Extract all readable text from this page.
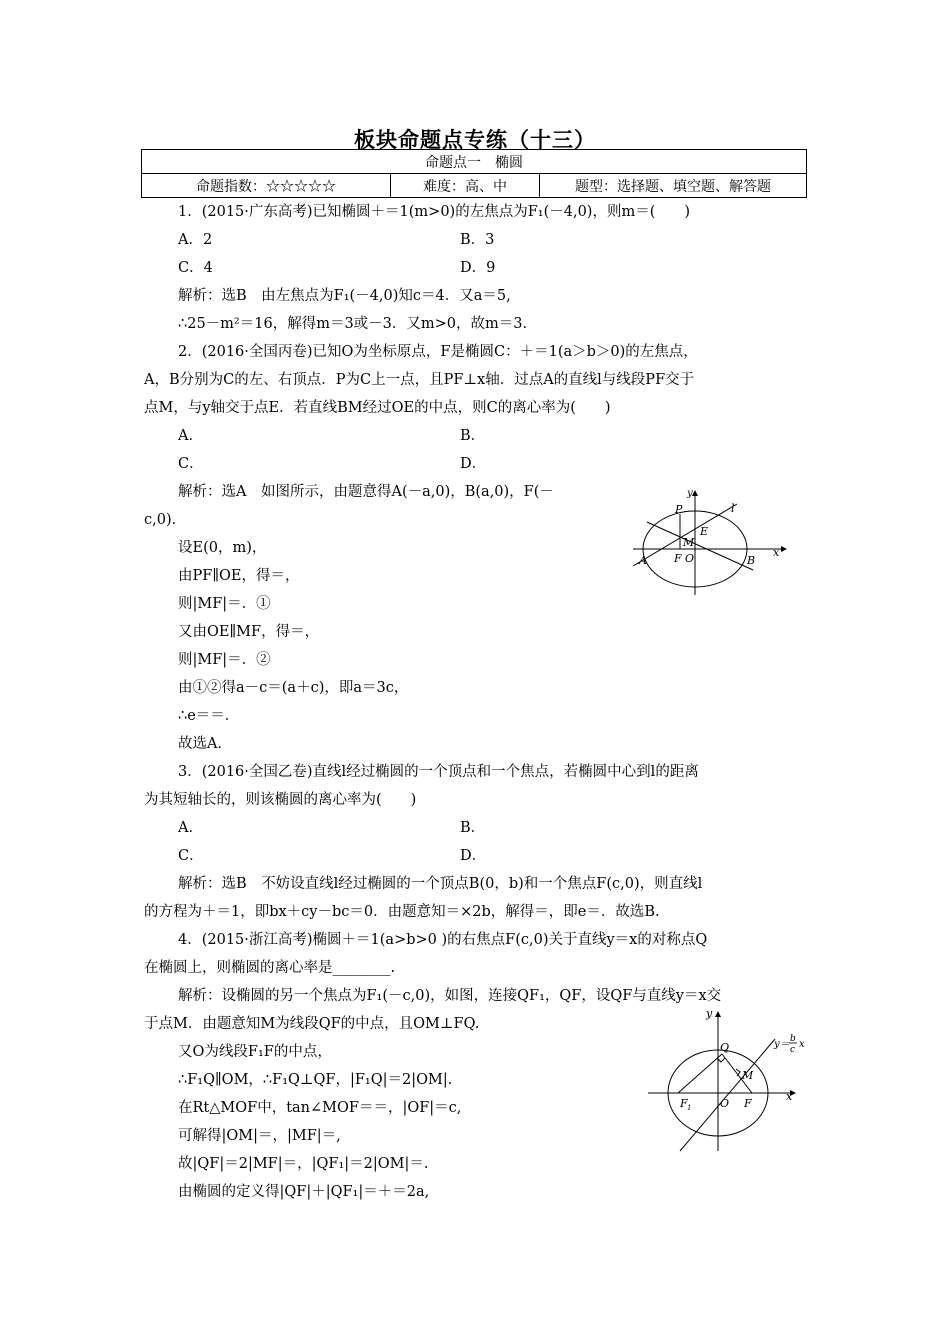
板块命题点专练（十三）
命题点一　椭圆
命题指数：☆☆☆☆☆	难度：高、中	题型：选择题、填空题、解答题
1．(2015·广东高考)已知椭圆＋＝1(m>0)的左焦点为F₁(－4,0)，则m＝(　　)
A．2	B．3
C．4	D．9
解析：选B　由左焦点为F₁(－4,0)知c＝4．又a＝5,
∴25－m²＝16，解得m＝3或－3．又m>0，故m＝3.
2．(2016·全国丙卷)已知O为坐标原点，F是椭圆C：＋＝1(a＞b＞0)的左焦点，
A，B分别为C的左、右顶点．P为C上一点，且PF⊥x轴．过点A的直线l与线段PF交于
点M，与y轴交于点E．若直线BM经过OE的中点，则C的离心率为(　　)
A．	B．
C．	D．
解析：选A　如图所示，由题意得A(－a,0)，B(a,0)，F(－
c,0)．
设E(0，m)，
由PF∥OE，得＝，
则|MF|＝．①
又由OE∥MF，得＝，
则|MF|＝．②
由①②得a－c＝(a＋c)，即a＝3c，
∴e＝＝．
故选A．
3．(2016·全国乙卷)直线l经过椭圆的一个顶点和一个焦点，若椭圆中心到l的距离
为其短轴长的，则该椭圆的离心率为(　　)
A．	B．
C．	D．
解析：选B　不妨设直线l经过椭圆的一个顶点B(0，b)和一个焦点F(c,0)，则直线l
的方程为＋＝1，即bx＋cy－bc＝0．由题意知＝×2b，解得＝，即e＝．故选B.
4．(2015·浙江高考)椭圆＋＝1(a>b>0 )的右焦点F(c,0)关于直线y＝x的对称点Q
在椭圆上，则椭圆的离心率是________.
解析：设椭圆的另一个焦点为F₁(－c,0)，如图，连接QF₁，QF，设QF与直线y＝x交
于点M．由题意知M为线段QF的中点，且OM⊥FQ.
又O为线段F₁F的中点，
∴F₁Q∥OM，∴F₁Q⊥QF，|F₁Q|＝2|OM|.
在Rt△MOF中，tan∠MOF＝＝，|OF|＝c,
可解得|OM|＝，|MF|＝,
故|QF|＝2|MF|＝，|QF₁|＝2|OM|＝.
由椭圆的定义得|QF|＋|QF₁|＝＋＝2a,
y
l
P
E
M
F O
A	B
x
y
Q	y＝ b
c x
M
F 1	O F
x
